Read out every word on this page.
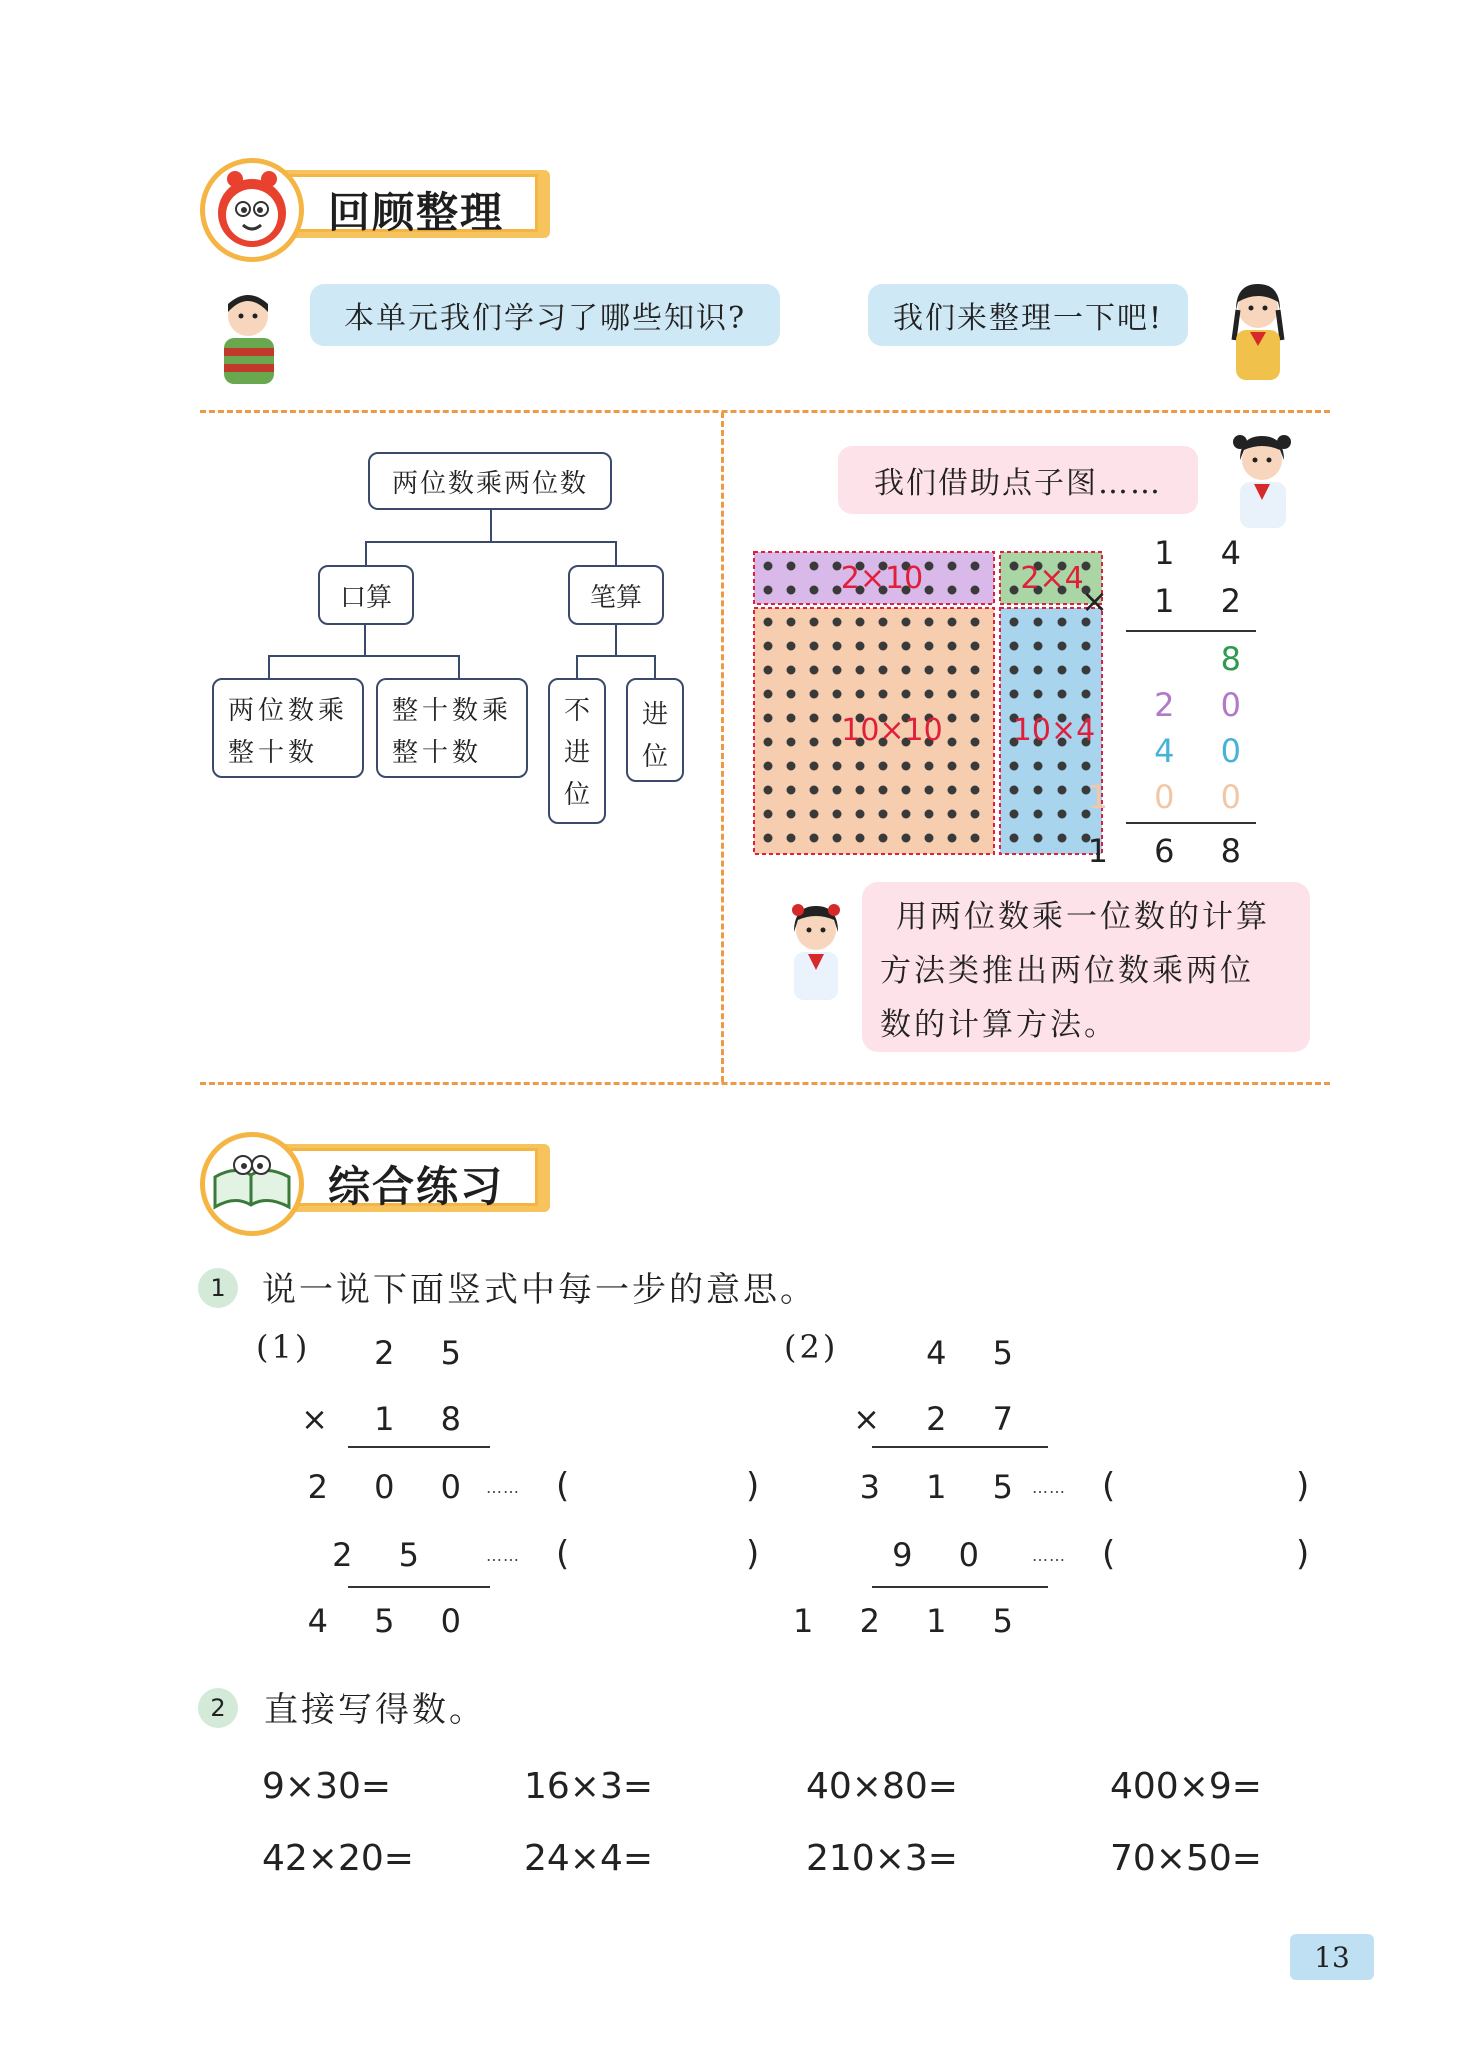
回顾整理
本单元我们学习了哪些知识?	我们来整理一下吧!
两位数乘两位数
口算	笔算
两位数乘
整十数
整十数乘
整十数
不
进
位
进
位
我们借助点子图……
2×10	2×4
10×10 10×4
1 4
× 1 2
8
2 0
4 0
1 0 0
1 6 8
用两位数乘一位数的计算
方法类推出两位数乘两位
数的计算方法。
综合练习
1	说一说下面竖式中每一步的意思。
(1) 2 5
× 1 8
2 0 0 …… (	)
2 5	…… (	)
4 5 0
(2)	4 5
× 2 7
3 1 5 …… (	)
9 0 …… (	)
1 2 1 5
2	直接写得数。
9×30=	16×3=	40×80=	400×9=
42×20=	24×4=	210×3=	70×50=
13
